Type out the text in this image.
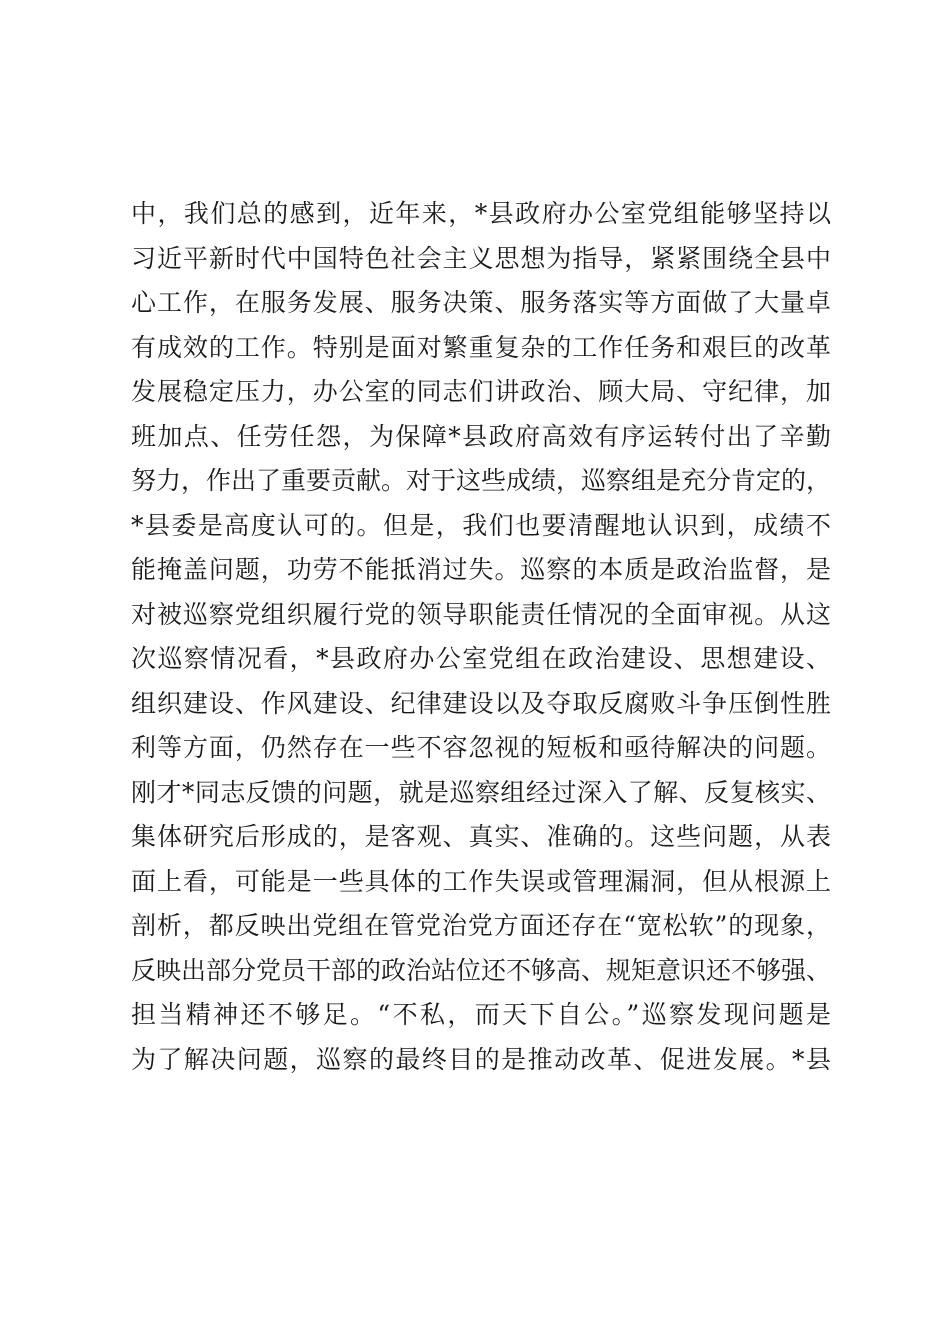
中，我们总的感到，近年来，*县政府办公室党组能够坚持以
习近平新时代中国特色社会主义思想为指导，紧紧围绕全县中
心工作，在服务发展、服务决策、服务落实等方面做了大量卓
有成效的工作。特别是面对繁重复杂的工作任务和艰巨的改革
发展稳定压力，办公室的同志们讲政治、顾大局、守纪律，加
班加点、任劳任怨，为保障*县政府高效有序运转付出了辛勤
努力，作出了重要贡献。对于这些成绩，巡察组是充分肯定的，
*县委是高度认可的。但是，我们也要清醒地认识到，成绩不
能掩盖问题，功劳不能抵消过失。巡察的本质是政治监督，是
对被巡察党组织履行党的领导职能责任情况的全面审视。从这
次巡察情况看，*县政府办公室党组在政治建设、思想建设、
组织建设、作风建设、纪律建设以及夺取反腐败斗争压倒性胜
利等方面，仍然存在一些不容忽视的短板和亟待解决的问题。
刚才*同志反馈的问题，就是巡察组经过深入了解、反复核实、
集体研究后形成的，是客观、真实、准确的。这些问题，从表
面上看，可能是一些具体的工作失误或管理漏洞，但从根源上
剖析，都反映出党组在管党治党方面还存在“宽松软”的现象，
反映出部分党员干部的政治站位还不够高、规矩意识还不够强、
担当精神还不够足。“不私，而天下自公。”巡察发现问题是
为了解决问题，巡察的最终目的是推动改革、促进发展。*县
